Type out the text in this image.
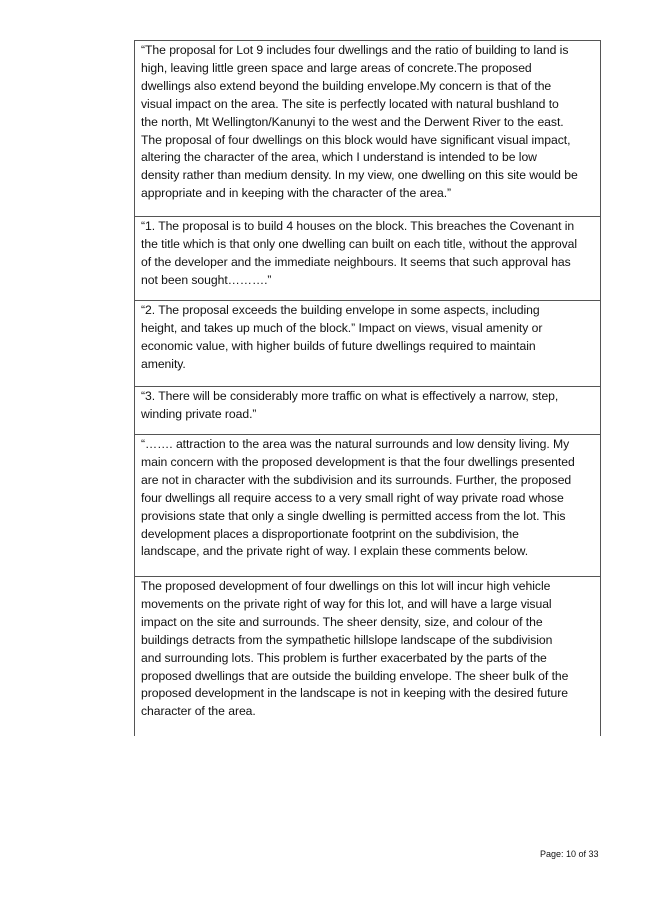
“The proposal for Lot 9 includes four dwellings and the ratio of building to land is
high, leaving little green space and large areas of concrete.The proposed
dwellings also extend beyond the building envelope.My concern is that of the
visual impact on the area. The site is perfectly located with natural bushland to
the north, Mt Wellington/Kanunyi to the west and the Derwent River to the east.
The proposal of four dwellings on this block would have significant visual impact,
altering the character of the area, which I understand is intended to be low
density rather than medium density. In my view, one dwelling on this site would be
appropriate and in keeping with the character of the area.”
“1. The proposal is to build 4 houses on the block. This breaches the Covenant in
the title which is that only one dwelling can built on each title, without the approval
of the developer and the immediate neighbours. It seems that such approval has
not been sought……….”
“2. The proposal exceeds the building envelope in some aspects, including
height, and takes up much of the block.” Impact on views, visual amenity or
economic value, with higher builds of future dwellings required to maintain
amenity.
“3. There will be considerably more traffic on what is effectively a narrow, step,
winding private road.”
“……. attraction to the area was the natural surrounds and low density living. My
main concern with the proposed development is that the four dwellings presented
are not in character with the subdivision and its surrounds. Further, the proposed
four dwellings all require access to a very small right of way private road whose
provisions state that only a single dwelling is permitted access from the lot. This
development places a disproportionate footprint on the subdivision, the
landscape, and the private right of way. I explain these comments below.
The proposed development of four dwellings on this lot will incur high vehicle
movements on the private right of way for this lot, and will have a large visual
impact on the site and surrounds. The sheer density, size, and colour of the
buildings detracts from the sympathetic hillslope landscape of the subdivision
and surrounding lots. This problem is further exacerbated by the parts of the
proposed dwellings that are outside the building envelope. The sheer bulk of the
proposed development in the landscape is not in keeping with the desired future
character of the area.
Page: 10 of 33
